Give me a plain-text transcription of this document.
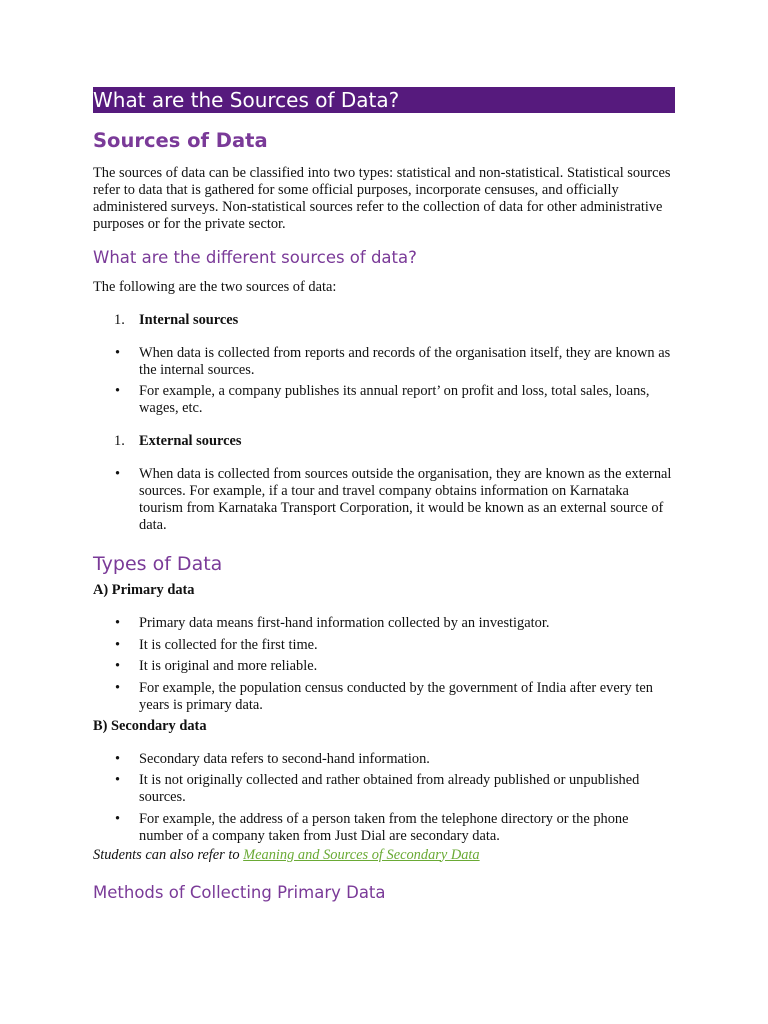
What are the Sources of Data?
Sources of Data

The sources of data can be classified into two types: statistical and non-statistical. Statistical sources refer to data that is gathered for some official purposes, incorporate censuses, and officially administered surveys. Non-statistical sources refer to the collection of data for other administrative purposes or for the private sector.

What are the different sources of data?

The following are the two sources of data:

1. Internal sources
• When data is collected from reports and records of the organisation itself, they are known as the internal sources.
• For example, a company publishes its annual report’ on profit and loss, total sales, loans, wages, etc.
1. External sources
• When data is collected from sources outside the organisation, they are known as the external sources. For example, if a tour and travel company obtains information on Karnataka tourism from Karnataka Transport Corporation, it would be known as an external source of data.
Types of Data
A) Primary data
• Primary data means first-hand information collected by an investigator.
• It is collected for the first time.
• It is original and more reliable.
• For example, the population census conducted by the government of India after every ten years is primary data.
B) Secondary data
• Secondary data refers to second-hand information.
• It is not originally collected and rather obtained from already published or unpublished sources.
• For example, the address of a person taken from the telephone directory or the phone number of a company taken from Just Dial are secondary data.

Students can also refer to Meaning and Sources of Secondary Data

Methods of Collecting Primary Data
